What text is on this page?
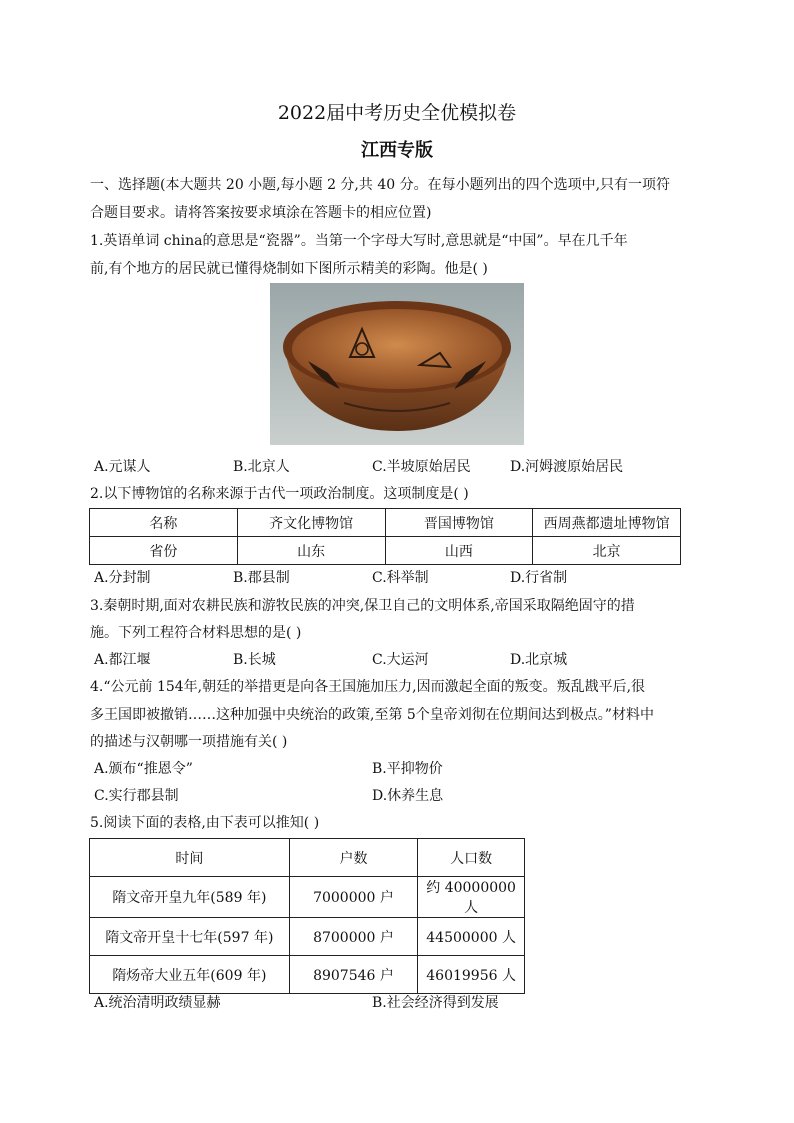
2022届中考历史全优模拟卷
江西专版
一、选择题(本大题共 20 小题,每小题 2 分,共 40 分。在每小题列出的四个选项中,只有一项符
合题目要求。请将答案按要求填涂在答题卡的相应位置)
1.英语单词 china的意思是“瓷器”。当第一个字母大写时,意思就是“中国”。早在几千年
前,有个地方的居民就已懂得烧制如下图所示精美的彩陶。他是( )
A.元谋人	B.北京人	C.半坡原始居民	D.河姆渡原始居民
2.以下博物馆的名称来源于古代一项政治制度。这项制度是( )
名称	齐文化博物馆	晋国博物馆	西周燕都遗址博物馆
省份	山东	山西	北京
A.分封制	B.郡县制	C.科举制	D.行省制
3.秦朝时期,面对农耕民族和游牧民族的冲突,保卫自己的文明体系,帝国采取隔绝固守的措
施。下列工程符合材料思想的是( )
A.都江堰	B.长城	C.大运河	D.北京城
4.“公元前 154年,朝廷的举措更是向各王国施加压力,因而激起全面的叛变。叛乱戡平后,很
多王国即被撤销……这种加强中央统治的政策,至第 5个皇帝刘彻在位期间达到极点。”材料中
的描述与汉朝哪一项措施有关( )
A.颁布“推恩令”	B.平抑物价
C.实行郡县制	D.休养生息
5.阅读下面的表格,由下表可以推知( )
时间	户数	人口数
隋文帝开皇九年(589 年)	7000000 户	约 40000000 人
隋文帝开皇十七年(597 年)	8700000 户	44500000 人
隋炀帝大业五年(609 年)	8907546 户	46019956 人
A.统治清明政绩显赫	B.社会经济得到发展
